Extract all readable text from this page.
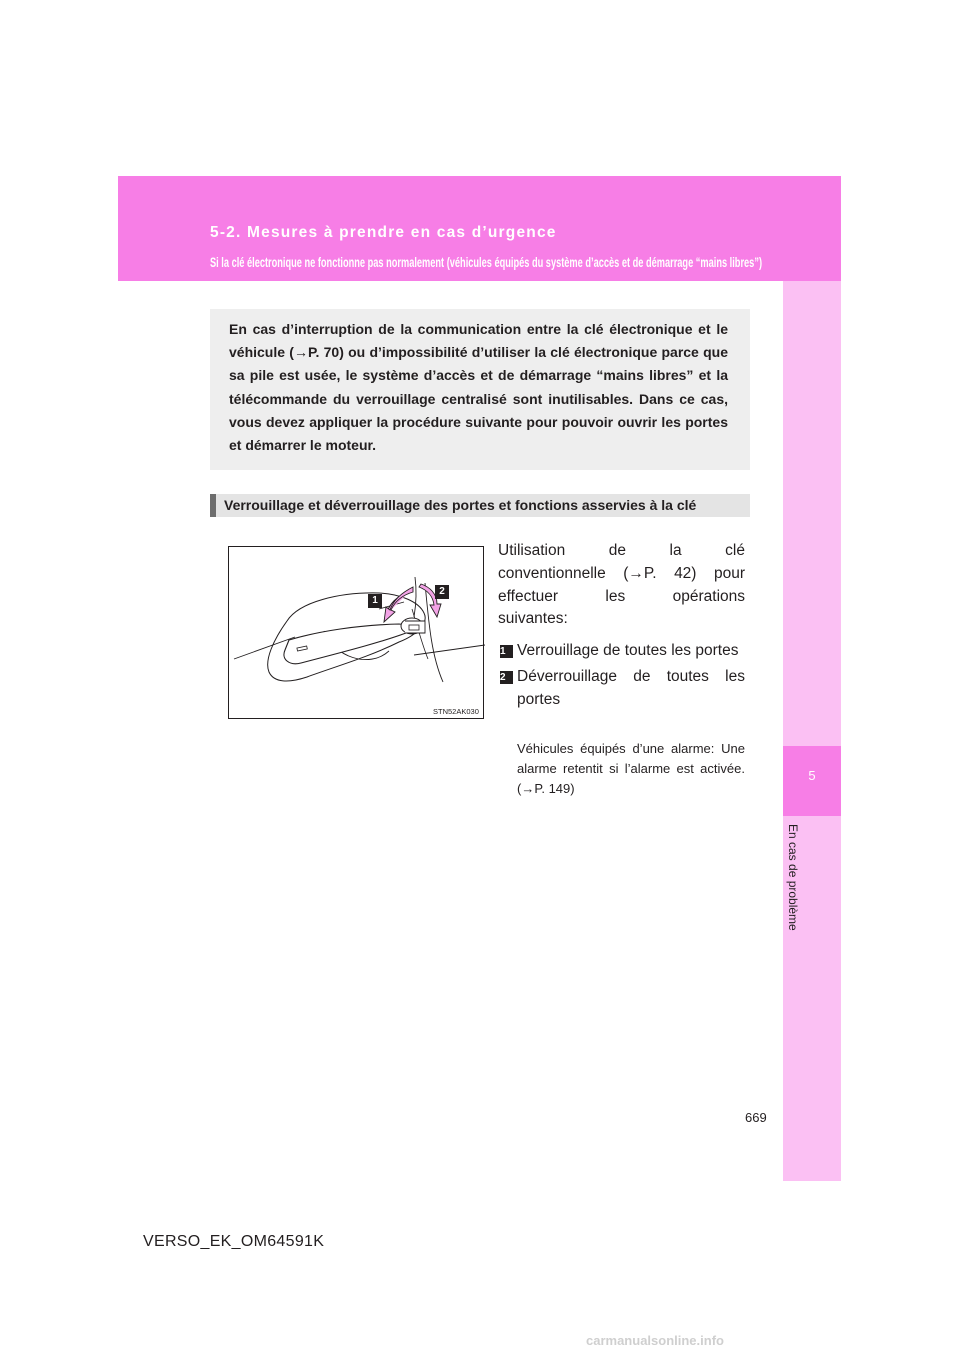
5-2. Mesures à prendre en cas d’urgence
Si la clé électronique ne fonctionne pas normalement (véhicules équipés du système d’accès et de démarrage “mains libres”)
5
En cas de problème
En cas d’interruption de la communication entre la clé électronique et le véhicule (→P. 70) ou d’impossibilité d’utiliser la clé électronique parce que sa pile est usée, le système d’accès et de démarrage “mains libres” et la télécommande du verrouillage centralisé sont inutilisables. Dans ce cas, vous devez appliquer la procédure suivante pour pouvoir ouvrir les portes et démarrer le moteur.
Verrouillage et déverrouillage des portes et fonctions asservies à la clé
1
2
STN52AK030
Utilisation de la clé
conventionnelle (→P. 42) pour
effectuer les opérations
suivantes:
1 Verrouillage de toutes les portes
2 Déverrouillage de toutes les portes
Véhicules équipés d’une alarme: Une alarme retentit si l’alarme est activée. (→P. 149)
669
VERSO_EK_OM64591K
carmanualsonline.info
